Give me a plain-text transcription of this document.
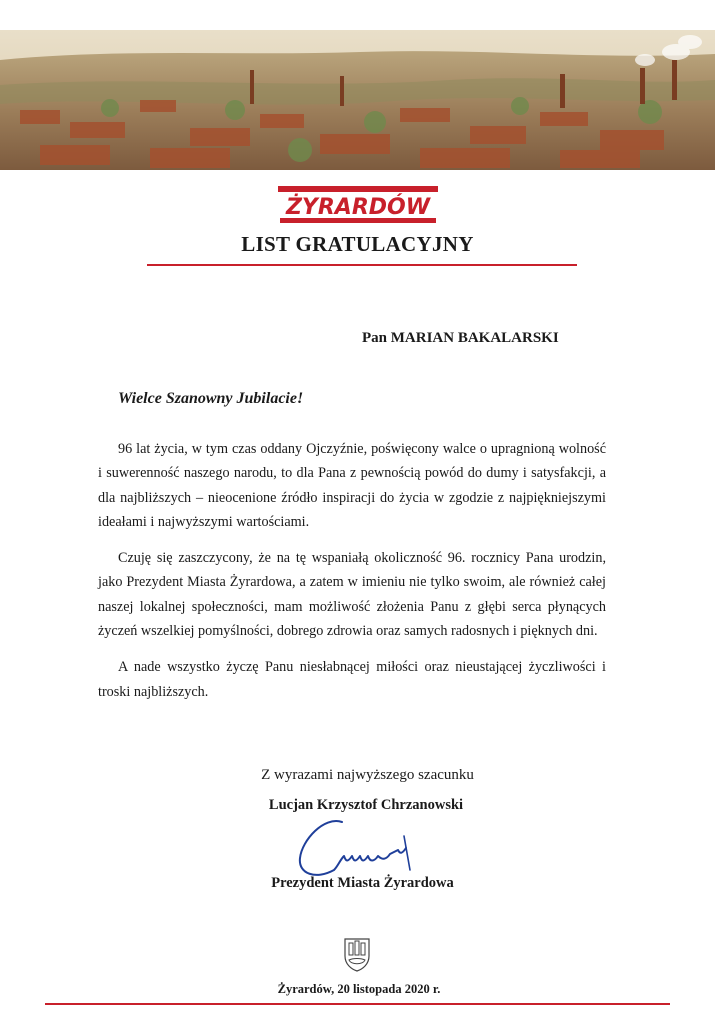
ŻYRARDÓW
LIST GRATULACYJNY
Pan MARIAN BAKALARSKI
Wielce Szanowny Jubilacie!

96 lat życia, w tym czas oddany Ojczyźnie, poświęcony walce o upragnioną wolność i suwerenność naszego narodu, to dla Pana z pewnością powód do dumy i satysfakcji, a dla najbliższych – nieocenione źródło inspiracji do życia w zgodzie z najpiękniejszymi ideałami i najwyższymi wartościami.

Czuję się zaszczycony, że na tę wspaniałą okoliczność 96. rocznicy Pana urodzin, jako Prezydent Miasta Żyrardowa, a zatem w imieniu nie tylko swoim, ale również całej naszej lokalnej społeczności, mam możliwość złożenia Panu z głębi serca płynących życzeń wszelkiej pomyślności, dobrego zdrowia oraz samych radosnych i pięknych dni.

A nade wszystko życzę Panu niesłabnącej miłości oraz nieustającej życzliwości i troski najbliższych.

Z wyrazami najwyższego szacunku
Lucjan Krzysztof Chrzanowski
Prezydent Miasta Żyrardowa
Żyrardów, 20 listopada 2020 r.
